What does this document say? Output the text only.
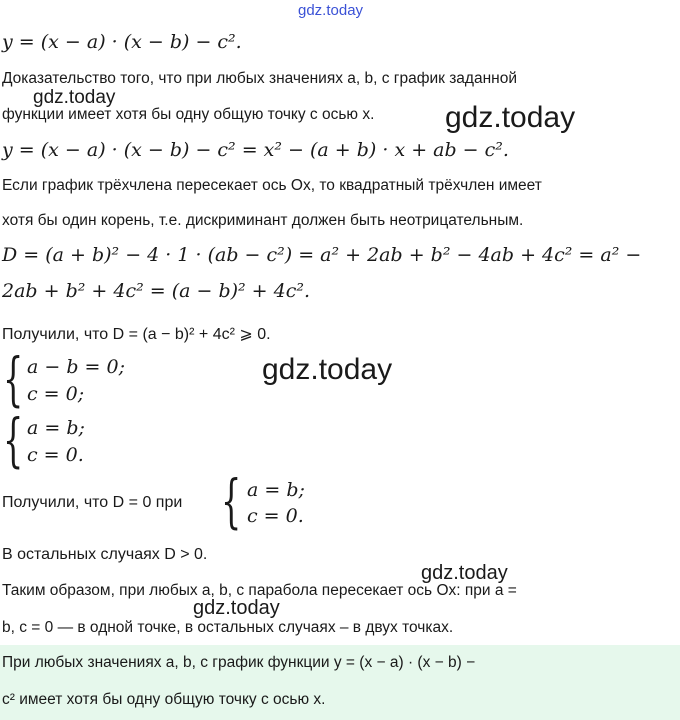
gdz.today
gdz.today
gdz.today
gdz.today
gdz.today
gdz.today
y = (x − a) · (x − b) − c².
Доказательство того, что при любых значениях a, b, c график заданной
функции имеет хотя бы одну общую точку с осью x.
y = (x − a) · (x − b) − c² = x² − (a + b) · x + ab − c².
Если график трёхчлена пересекает ось Ox, то квадратный трёхчлен имеет
хотя бы один корень, т.е. дискриминант должен быть неотрицательным.
D = (a + b)² − 4 · 1 · (ab − c²) = a² + 2ab + b² − 4ab + 4c² = a² −
2ab + b² + 4c² = (a − b)² + 4c².
Получили, что D = (a − b)² + 4c² ⩾ 0.
{ a − b = 0;
c = 0;
{ a = b;
c = 0.
Получили, что D = 0 при { a = b;
c = 0.
В остальных случаях D > 0.
Таким образом, при любых a, b, c парабола пересекает ось Ox: при a =
b, c = 0 — в одной точке, в остальных случаях – в двух точках.
При любых значениях a, b, c график функции y = (x − a) · (x − b) −
c² имеет хотя бы одну общую точку с осью x.
